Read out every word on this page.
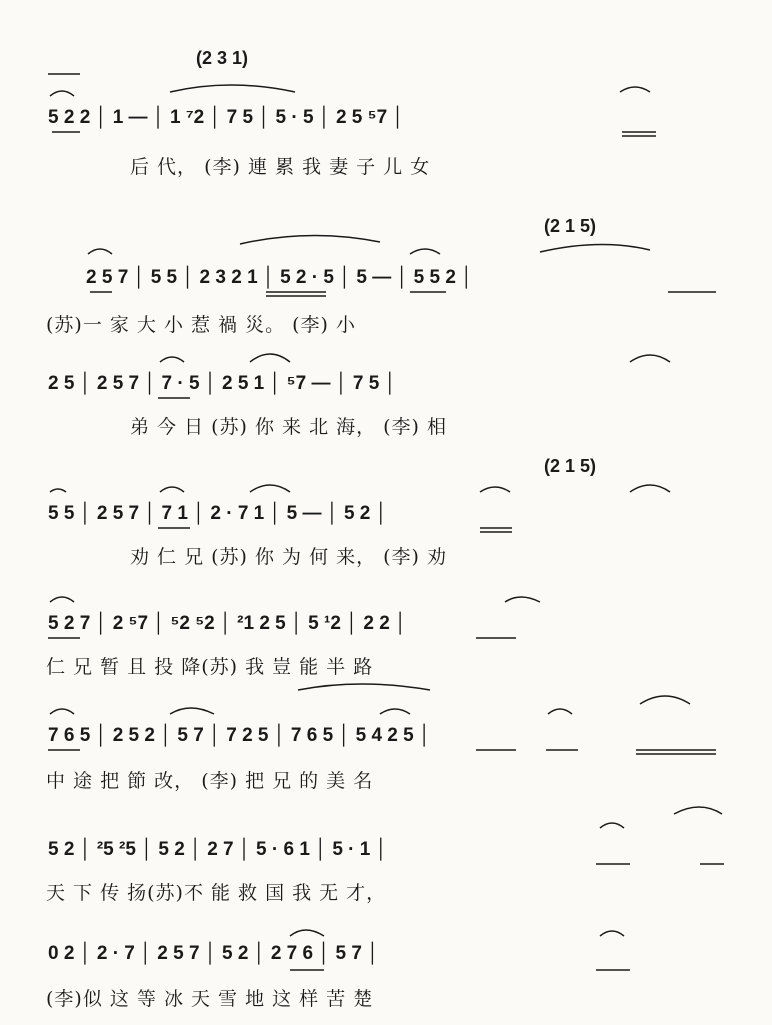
(2 3 1)
5 2 2 │ 1 — │ 1 ⁷2 │ 7 5 │ 5 · 5 │ 2 5 ⁵7 │
后 代， (李) 連 累 我 妻 子 儿 女
(2 1 5)
2 5 7 │ 5 5 │ 2 3 2 1 │ 5 2 · 5 │ 5 — │ 5 5 2 │
(苏)一 家 大 小 惹 禍 災。 (李) 小
2 5 │ 2 5 7 │ 7 · 5 │ 2 5 1 │ ⁵7 — │ 7 5 │
弟 今 日 (苏) 你 来 北 海， (李) 相
(2 1 5)
5 5 │ 2 5 7 │ 7 1 │ 2 · 7 1 │ 5 — │ 5 2 │
劝 仁 兄 (苏) 你 为 何 来， (李) 劝
5 2 7 │ 2 ⁵7 │ ⁵2 ⁵2 │ ²1 2 5 │ 5 ¹2 │ 2 2 │
仁 兄 暂 且 投 降(苏) 我 豈 能 半 路
7 6 5 │ 2 5 2 │ 5 7 │ 7 2 5 │ 7 6 5 │ 5 4 2 5 │
中 途 把 節 改， (李) 把 兄 的 美 名
5 2 │ ²5 ²5 │ 5 2 │ 2 7 │ 5 · 6 1 │ 5 · 1 │
天 下 传 扬(苏)不 能 救 国 我 无 才，
0 2 │ 2 · 7 │ 2 5 7 │ 5 2 │ 2 7 6 │ 5 7 │
(李)似 这 等 冰 天 雪 地 这 样 苦 楚
